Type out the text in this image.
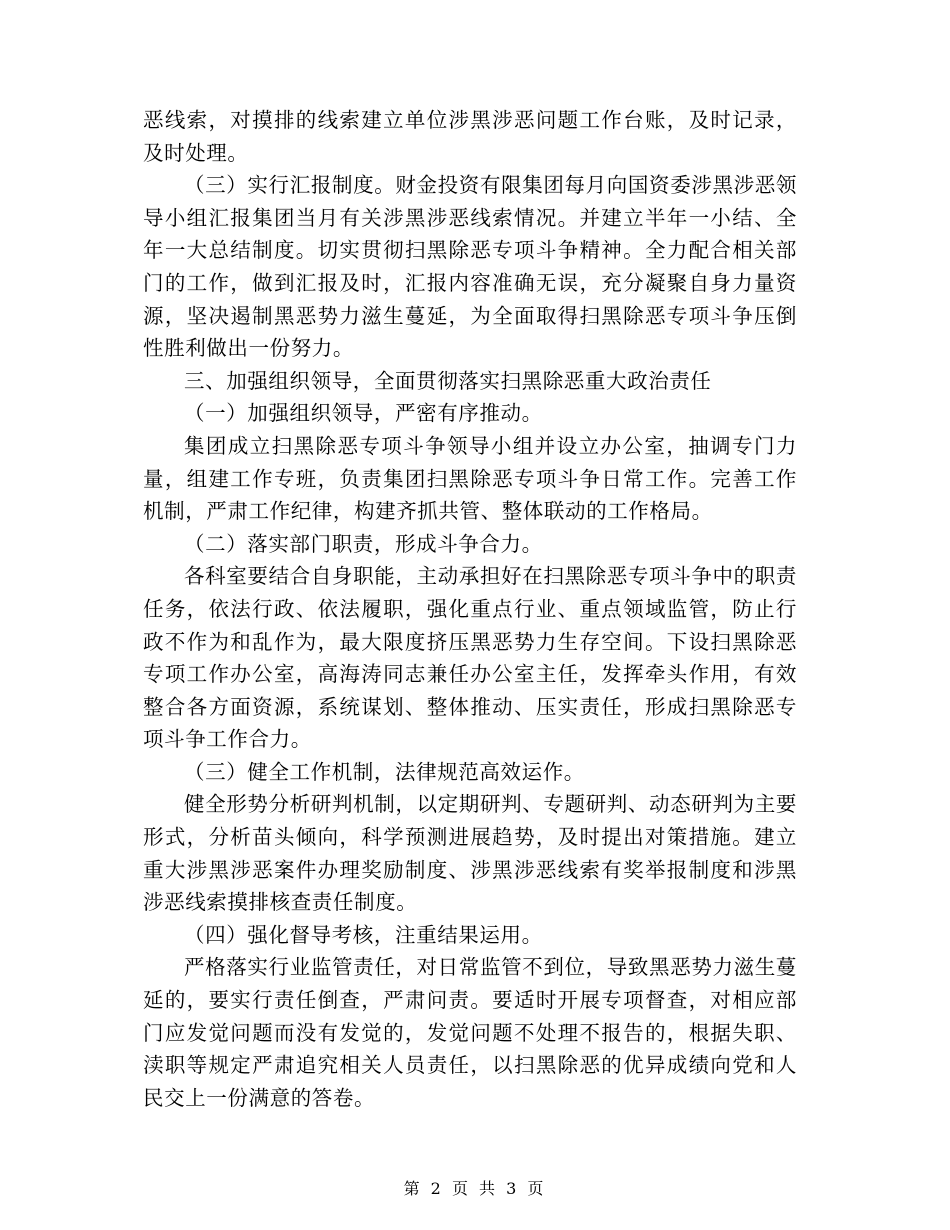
恶线索，对摸排的线索建立单位涉黑涉恶问题工作台账，及时记录，及时处理。

（三）实行汇报制度。财金投资有限集团每月向国资委涉黑涉恶领导小组汇报集团当月有关涉黑涉恶线索情况。并建立半年一小结、全年一大总结制度。切实贯彻扫黑除恶专项斗争精神。全力配合相关部门的工作，做到汇报及时，汇报内容准确无误，充分凝聚自身力量资源，坚决遏制黑恶势力滋生蔓延，为全面取得扫黑除恶专项斗争压倒性胜利做出一份努力。

三、加强组织领导，全面贯彻落实扫黑除恶重大政治责任

（一）加强组织领导，严密有序推动。

集团成立扫黑除恶专项斗争领导小组并设立办公室，抽调专门力量，组建工作专班，负责集团扫黑除恶专项斗争日常工作。完善工作机制，严肃工作纪律，构建齐抓共管、整体联动的工作格局。

（二）落实部门职责，形成斗争合力。

各科室要结合自身职能，主动承担好在扫黑除恶专项斗争中的职责任务，依法行政、依法履职，强化重点行业、重点领域监管，防止行政不作为和乱作为，最大限度挤压黑恶势力生存空间。下设扫黑除恶专项工作办公室，高海涛同志兼任办公室主任，发挥牵头作用，有效整合各方面资源，系统谋划、整体推动、压实责任，形成扫黑除恶专项斗争工作合力。

（三）健全工作机制，法律规范高效运作。

健全形势分析研判机制，以定期研判、专题研判、动态研判为主要形式，分析苗头倾向，科学预测进展趋势，及时提出对策措施。建立重大涉黑涉恶案件办理奖励制度、涉黑涉恶线索有奖举报制度和涉黑涉恶线索摸排核查责任制度。

（四）强化督导考核，注重结果运用。

严格落实行业监管责任，对日常监管不到位，导致黑恶势力滋生蔓延的，要实行责任倒查，严肃问责。要适时开展专项督查，对相应部门应发觉问题而没有发觉的，发觉问题不处理不报告的，根据失职、渎职等规定严肃追究相关人员责任，以扫黑除恶的优异成绩向党和人民交上一份满意的答卷。

第 2 页 共 3 页
